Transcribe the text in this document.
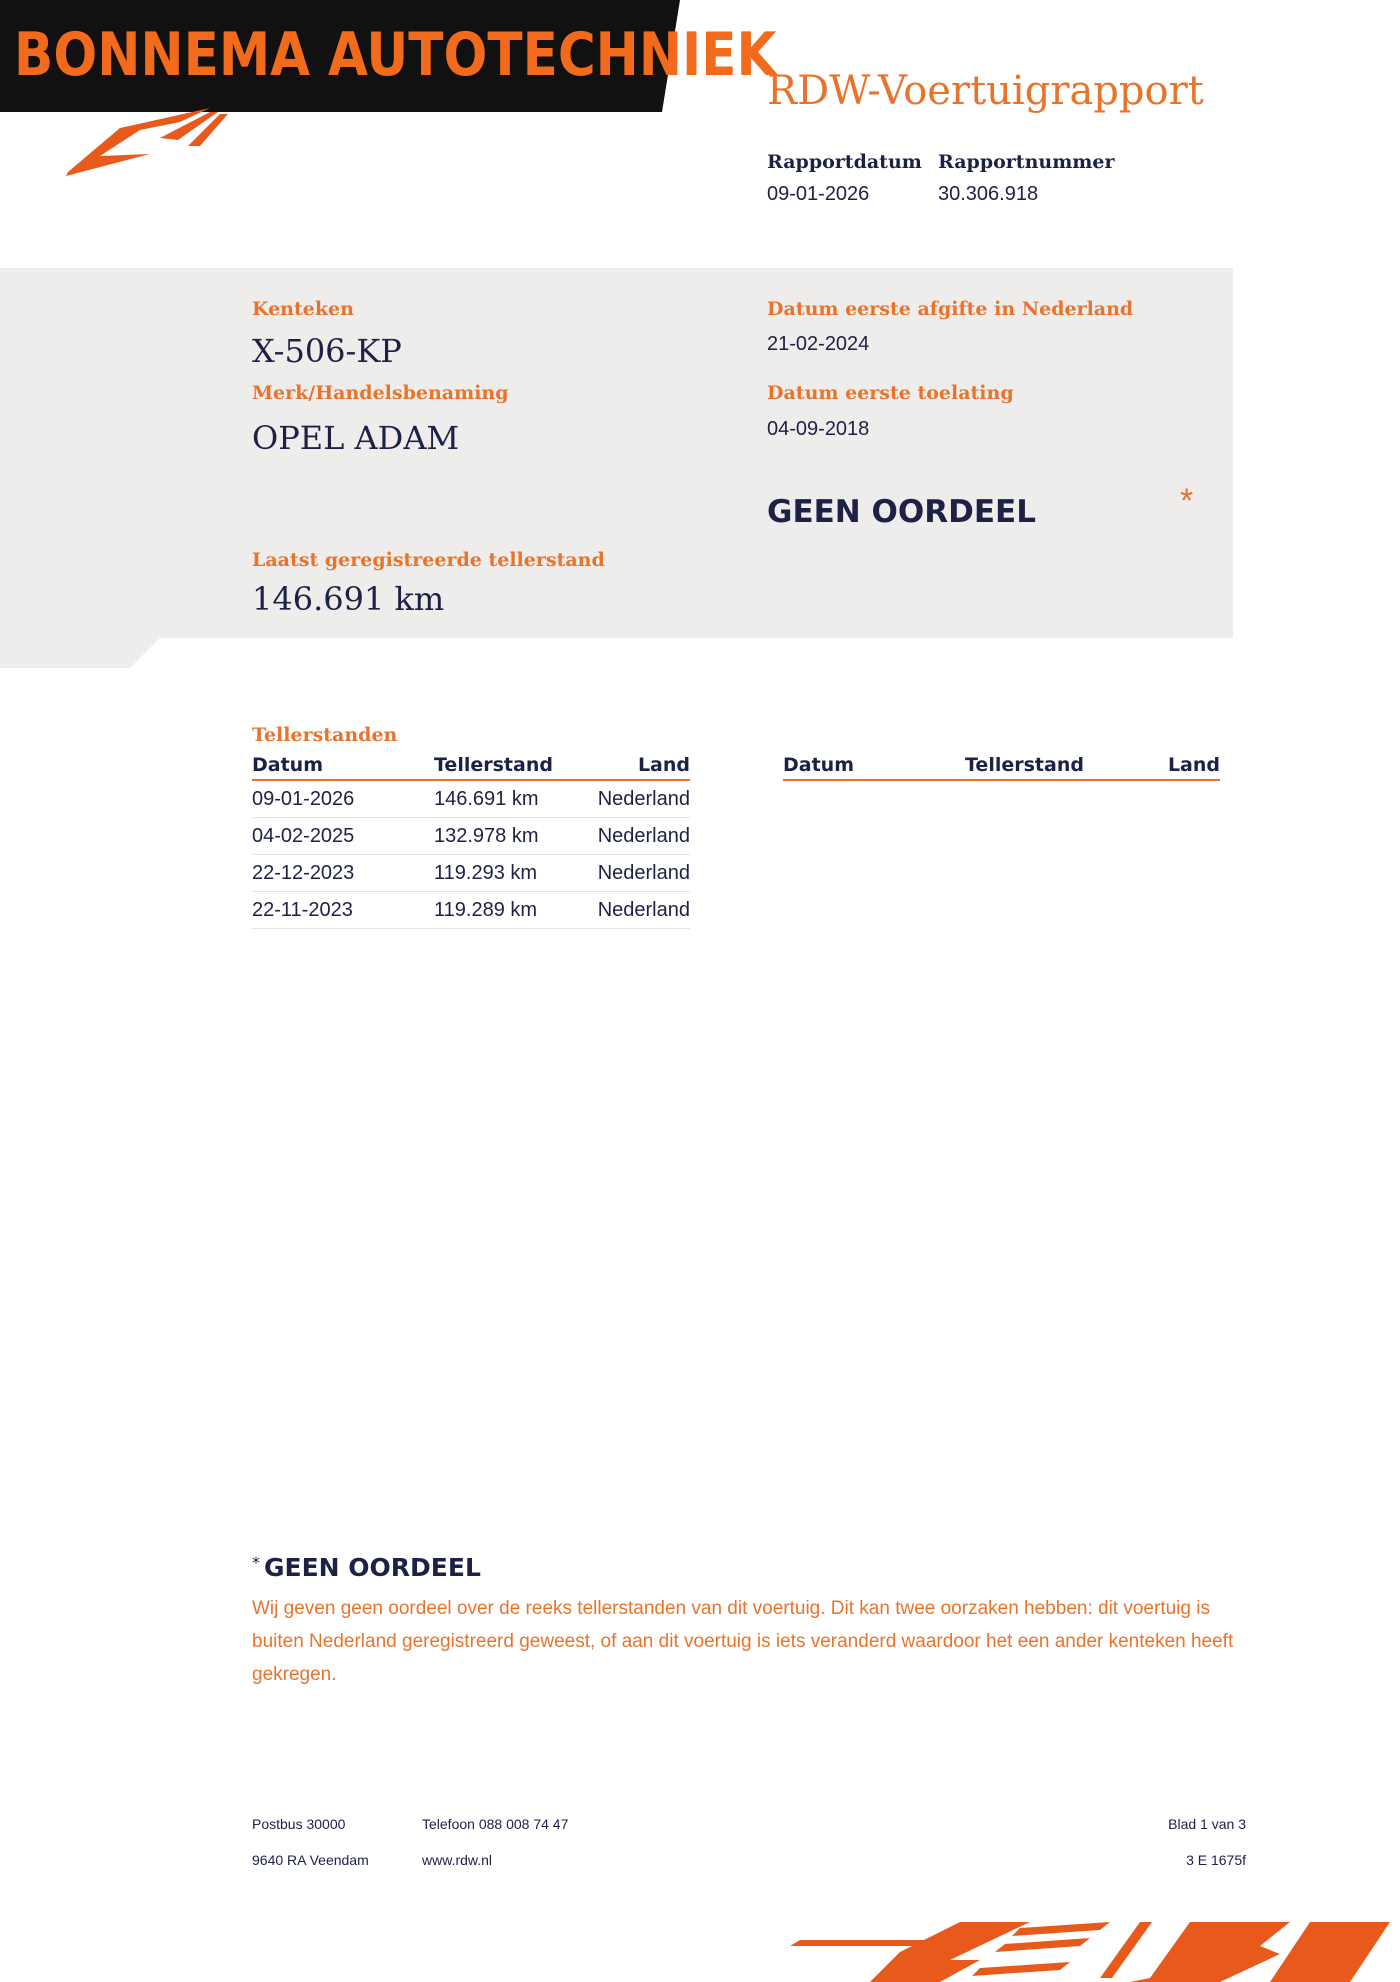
BONNEMA AUTOTECHNIEK
RDW-Voertuigrapport
Rapportdatum
09-01-2026
Rapportnummer
30.306.918
Kenteken
X-506-KP
Merk/Handelsbenaming
OPEL ADAM
Datum eerste afgifte in Nederland
21-02-2024
Datum eerste toelating
04-09-2018
GEEN OORDEEL	*
Laatst geregistreerde tellerstand
146.691 km
Tellerstanden
Datum	Tellerstand	Land
09-01-2026	146.691 km	Nederland
04-02-2025	132.978 km	Nederland
22-12-2023	119.293 km	Nederland
22-11-2023	119.289 km	Nederland
Datum	Tellerstand	Land
* GEEN OORDEEL
Wij geven geen oordeel over de reeks tellerstanden van dit voertuig. Dit kan twee oorzaken hebben: dit voertuig is buiten Nederland geregistreerd geweest, of aan dit voertuig is iets veranderd waardoor het een ander kenteken heeft gekregen.
Postbus 30000
9640 RA Veendam
Telefoon 088 008 74 47
www.rdw.nl
Blad 1 van 3
3 E 1675f
